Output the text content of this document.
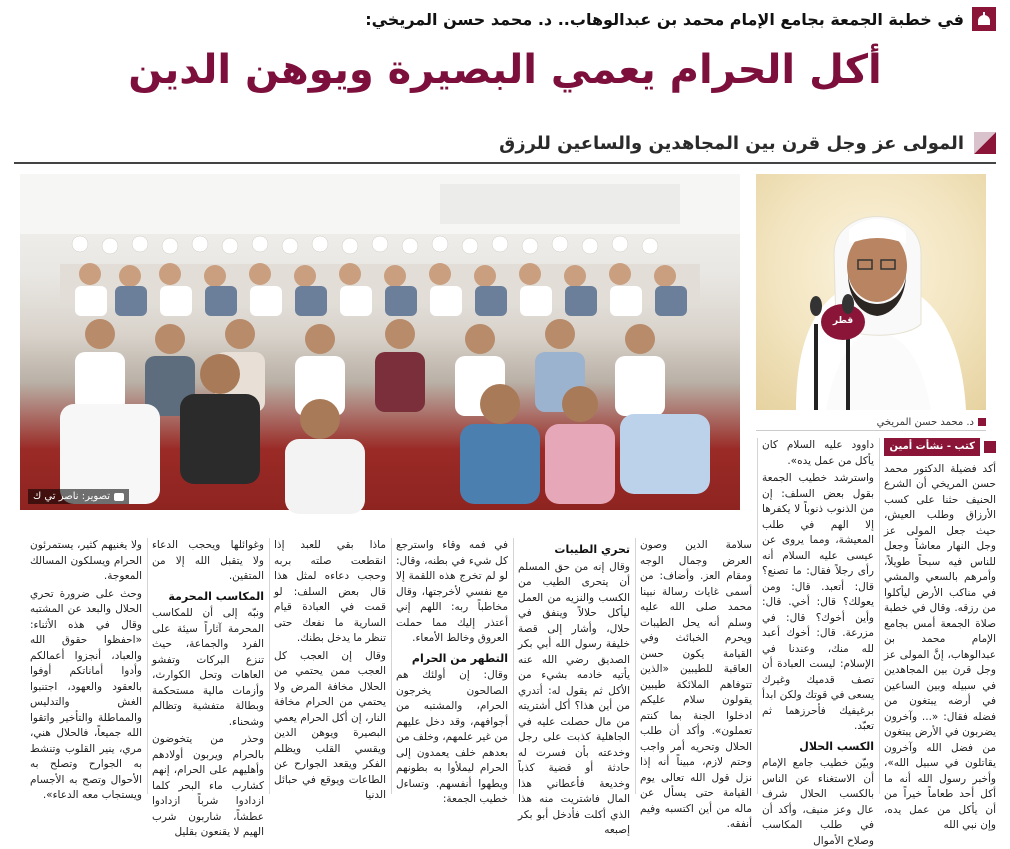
في خطبة الجمعة بجامع الإمام محمد بن عبدالوهاب.. د. محمد حسن المريخي:
أكل الحرام يعمي البصيرة ويوهن الدين
المولى عز وجل قرن بين المجاهدين والساعين للرزق
تصوير: ناصر تي ك
قطر
د. محمد حسن المريخي
كتب - نشأت أمين

أكد فضيلة الدكتور محمد حسن المريخي أن الشرع الحنيف حثنا على كسب الأرزاق وطلب العيش، حيث جعل المولى عز وجل النهار معاشاً وجعل للناس فيه سبحاً طويلاً، وأمرهم بالسعي والمشي في مناكب الأرض ليأكلوا من رزقه. وقال في خطبة صلاة الجمعة أمس بجامع الإمام محمد بن عبدالوهاب، إنَّ المولى عز وجل قرن بين المجاهدين في سبيله وبين الساعين في أرضه يبتغون من فضله فقال: «... وآخرون يضربون في الأرض يبتغون من فضل الله وآخرون يقاتلون في سبيل الله»، وأخبر رسول الله أنه ما أكل أحد طعاماً خيراً من أن يأكل من عمل يده، وإن نبي الله

داوود عليه السلام كان يأكل من عمل يده».

واسترشد خطيب الجمعة بقول بعض السلف: إن من الذنوب ذنوباً لا يكفرها إلا الهم في طلب المعيشة، ومما يروى عن عيسى عليه السلام أنه رأى رجلاً فقال: ما تصنع؟ قال: أتعبد. قال: ومن يعولك؟ قال: أخي. قال: وأين أخوك؟ قال: في مزرعة. قال: أخوك أعبد لله منك، وعندنا في الإسلام: ليست العبادة أن تصف قدميك وغيرك يسعى في قوتك ولكن ابدأ برغيفيك فأحرزهما ثم تعبّد.

الكسب الحلال

وبيّن خطيب جامع الإمام أن الاستغناء عن الناس بالكسب الحلال شرف عال وعز منيف، وأكد أن في طلب المكاسب وصلاح الأموال

سلامة الدين وصون العرض وجمال الوجه ومقام العز. وأضاف: من أسمى غايات رسالة نبينا محمد صلى الله عليه وسلم أنه يحل الطيبات ويحرم الخبائث وفي القيامة يكون حسن العاقبة للطيبين «الذين تتوفاهم الملائكة طيبين يقولون سلام عليكم ادخلوا الجنة بما كنتم تعملون». وأكد أن طلب الحلال وتحريه أمر واجب وحتم لازم، مبيناً أنه إذا نزل قول الله تعالى يوم القيامة حتى يسأل عن ماله من أين اكتسبه وفيم أنفقه.

تحري الطيبات

وقال إنه من حق المسلم أن يتحرى الطيب من الكسب والنزيه من العمل ليأكل حلالاً وينفق في حلال، وأشار إلى قصة خليفة رسول الله أبي بكر الصديق رضي الله عنه يأتيه خادمه بشيء من الأكل ثم يقول له: أتدري من أين هذا؟ أكل أشتريته من مال حصلت عليه في الجاهلية كذبت على رجل وخدعته بأن فسرت له حادثة أو قضية كذباً وخديعة فأعطاني هذا المال فاشتريت منه هذا الذي أكلت فأدخل أبو بكر إصبعه

في فمه وقاء واسترجع كل شيء في بطنه، وقال: لو لم تخرج هذه اللقمة إلا مع نفسي لأخرجتها، وقال مخاطباً ربه: اللهم إني أعتذر إليك مما حملت العروق وخالط الأمعاء.

التطهر من الحرام

وقال: إن أولئك هم الصالحون يخرجون الحرام، والمشتبه من أجوافهم، وقد دخل عليهم من غير علمهم، وخلف من بعدهم خلف يعمدون إلى الحرام ليملأوا به بطونهم ويطهوا أنفسهم. وتساءل خطيب الجمعة:

ماذا بقي للعبد إذا انقطعت صلته بربه وحجب دعاءه لمثل هذا قال بعض السلف: لو قمت في العبادة قيام السارية ما نفعك حتى تنظر ما يدخل بطنك.

وقال إن العجب كل العجب ممن يحتمي من الحلال مخافة المرض ولا يحتمي من الحرام مخافة النار، إن أكل الحرام يعمي البصيرة ويوهن الدين ويقسي القلب ويظلم الفكر ويقعد الجوارح عن الطاعات ويوقع في حبائل الدنيا

وغوائلها ويحجب الدعاء ولا يتقبل الله إلا من المتقين.

المكاسب المحرمة

ونبّه إلى أن للمكاسب المحرمة آثاراً سيئة على الفرد والجماعة، حيث تنزع البركات وتفشو العاهات وتحل الكوارث، وأزمات مالية مستحكمة وبطالة متفشية وتظالم وشحناء.

وحذر من يتخوضون بالحرام ويربون أولادهم وأهليهم على الحرام، إنهم كشارب ماء البحر كلما ازدادوا شرباً ازدادوا عطشاً، شاربون شرب الهيم لا يقنعون بقليل

ولا يغنيهم كثير، يستمرئون الحرام ويسلكون المسالك المعوجة.

وحث على ضرورة تحري الحلال والبعد عن المشتبه وقال في هذه الأثناء: «احفظوا حقوق الله والعباد، أنجزوا أعمالكم وأدوا أماناتكم أوفوا بالعقود والعهود، اجتنبوا الغش والتدليس والمماطلة والتأخير واتقوا الله جميعاً، فالحلال هني، مري، ينير القلوب وتنشط به الجوارح وتصلح به الأحوال وتصح به الأجسام ويستجاب معه الدعاء».
